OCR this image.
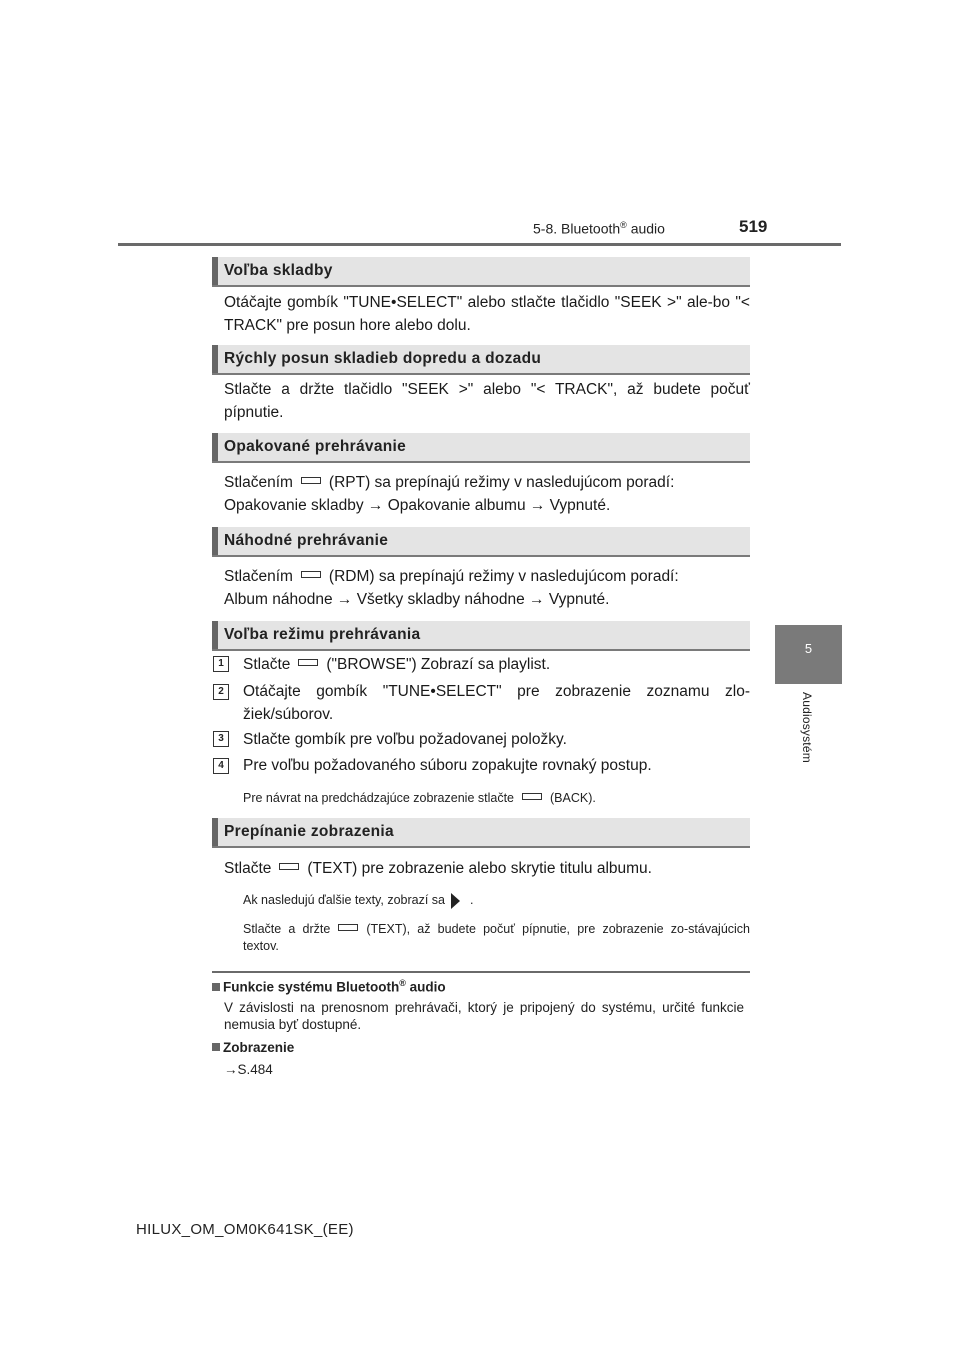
5-8. Bluetooth® audio	519
5
Audiosystém
Voľba skladby
Otáčajte gombík "TUNE•SELECT" alebo stlačte tlačidlo "SEEK >" ale-bo "< TRACK" pre posun hore alebo dolu.
Rýchly posun skladieb dopredu a dozadu
Stlačte a držte tlačidlo "SEEK >" alebo "< TRACK", až budete počuť pípnutie.
Opakované prehrávanie
Stlačením (RPT) sa prepínajú režimy v nasledujúcom poradí:
Opakovanie skladby → Opakovanie albumu → Vypnuté.
Náhodné prehrávanie
Stlačením (RDM) sa prepínajú režimy v nasledujúcom poradí:
Album náhodne → Všetky skladby náhodne → Vypnuté.
Voľba režimu prehrávania
1	Stlačte ("BROWSE") Zobrazí sa playlist.
2	Otáčajte gombík "TUNE•SELECT" pre zobrazenie zoznamu zlo-žiek/súborov.
3	Stlačte gombík pre voľbu požadovanej položky.
4	Pre voľbu požadovaného súboru zopakujte rovnaký postup.
Pre návrat na predchádzajúce zobrazenie stlačte	(BACK).
Prepínanie zobrazenia
Stlačte (TEXT) pre zobrazenie alebo skrytie titulu albumu.
Ak nasledujú ďalšie texty, zobrazí sa .
Stlačte a držte	(TEXT), až budete počuť pípnutie, pre zobrazenie zo-stávajúcich textov.
Funkcie systému Bluetooth® audio
V závislosti na prenosnom prehrávači, ktorý je pripojený do systému, určité funkcie nemusia byť dostupné.
Zobrazenie
→S.484
HILUX_OM_OM0K641SK_(EE)
